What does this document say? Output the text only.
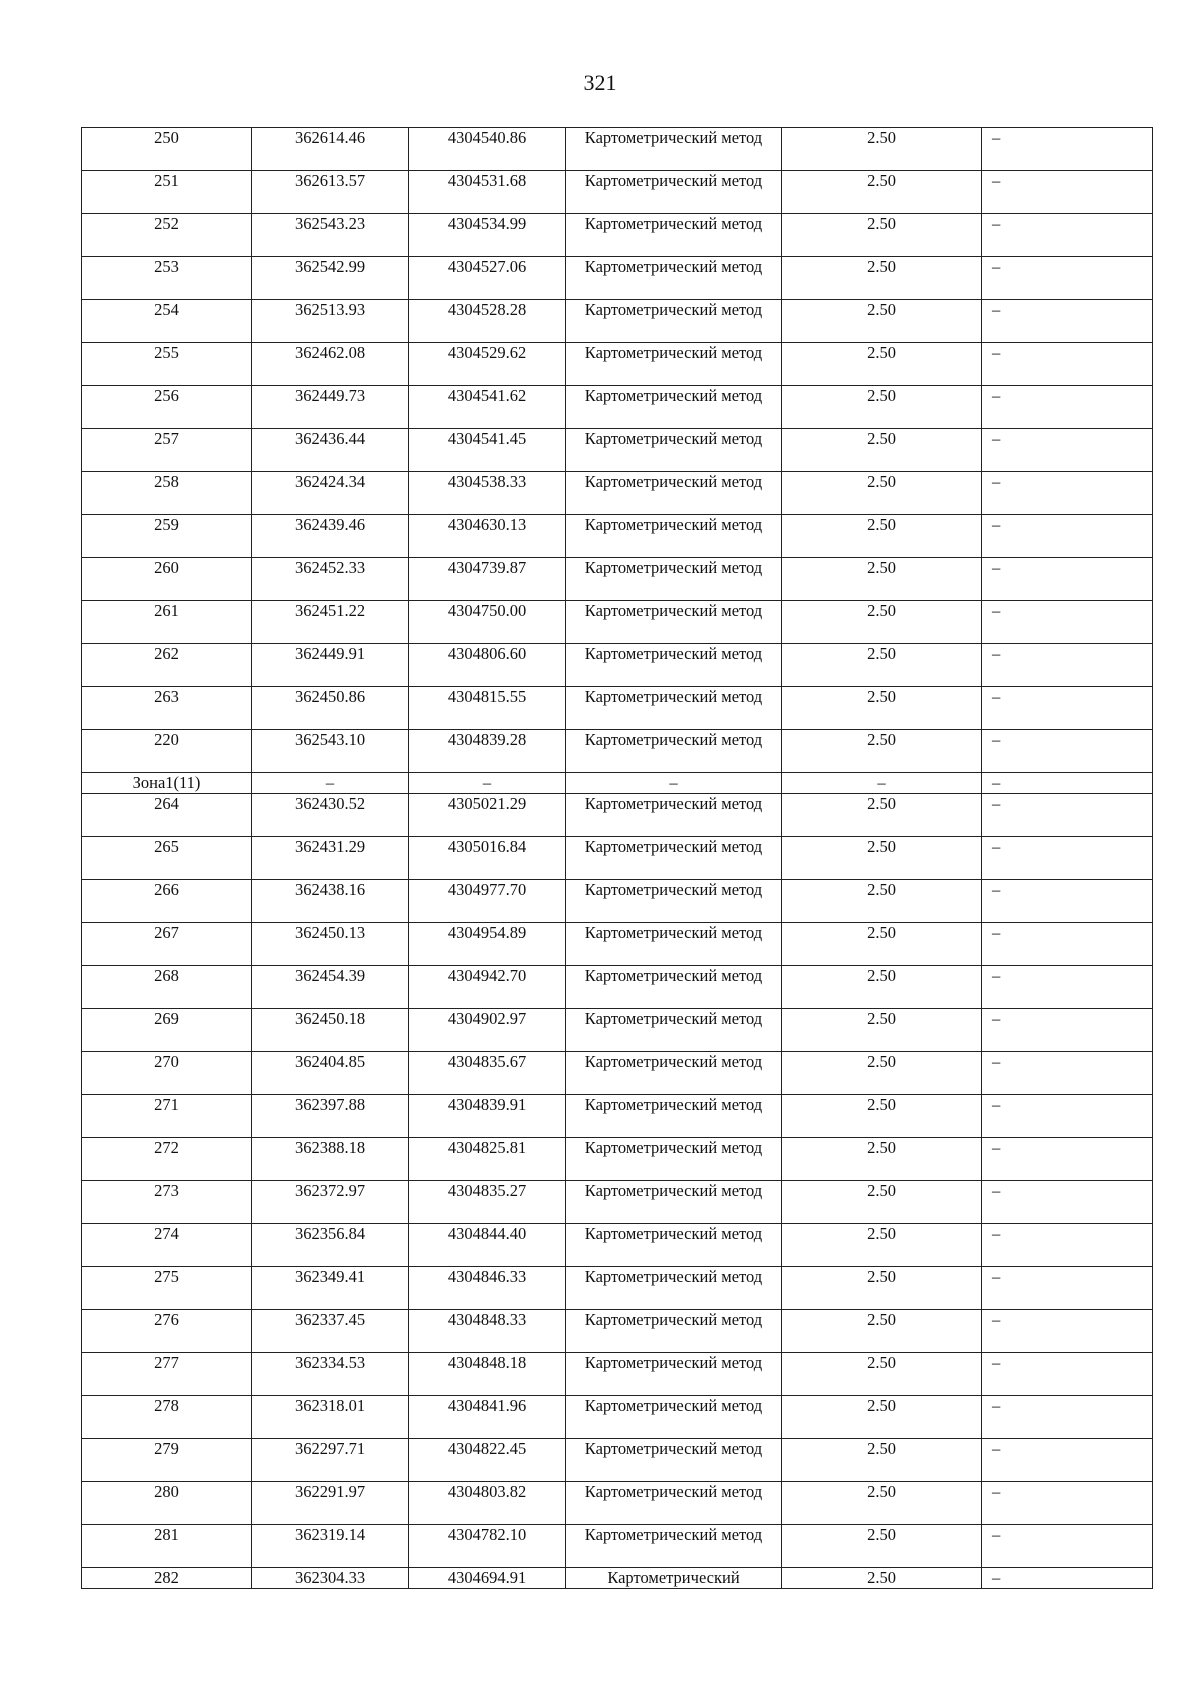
321
250	362614.46	4304540.86	Картометрический метод	2.50	–
251	362613.57	4304531.68	Картометрический метод	2.50	–
252	362543.23	4304534.99	Картометрический метод	2.50	–
253	362542.99	4304527.06	Картометрический метод	2.50	–
254	362513.93	4304528.28	Картометрический метод	2.50	–
255	362462.08	4304529.62	Картометрический метод	2.50	–
256	362449.73	4304541.62	Картометрический метод	2.50	–
257	362436.44	4304541.45	Картометрический метод	2.50	–
258	362424.34	4304538.33	Картометрический метод	2.50	–
259	362439.46	4304630.13	Картометрический метод	2.50	–
260	362452.33	4304739.87	Картометрический метод	2.50	–
261	362451.22	4304750.00	Картометрический метод	2.50	–
262	362449.91	4304806.60	Картометрический метод	2.50	–
263	362450.86	4304815.55	Картометрический метод	2.50	–
220	362543.10	4304839.28	Картометрический метод	2.50	–
Зона1(11)	–	–	–	–	–
264	362430.52	4305021.29	Картометрический метод	2.50	–
265	362431.29	4305016.84	Картометрический метод	2.50	–
266	362438.16	4304977.70	Картометрический метод	2.50	–
267	362450.13	4304954.89	Картометрический метод	2.50	–
268	362454.39	4304942.70	Картометрический метод	2.50	–
269	362450.18	4304902.97	Картометрический метод	2.50	–
270	362404.85	4304835.67	Картометрический метод	2.50	–
271	362397.88	4304839.91	Картометрический метод	2.50	–
272	362388.18	4304825.81	Картометрический метод	2.50	–
273	362372.97	4304835.27	Картометрический метод	2.50	–
274	362356.84	4304844.40	Картометрический метод	2.50	–
275	362349.41	4304846.33	Картометрический метод	2.50	–
276	362337.45	4304848.33	Картометрический метод	2.50	–
277	362334.53	4304848.18	Картометрический метод	2.50	–
278	362318.01	4304841.96	Картометрический метод	2.50	–
279	362297.71	4304822.45	Картометрический метод	2.50	–
280	362291.97	4304803.82	Картометрический метод	2.50	–
281	362319.14	4304782.10	Картометрический метод	2.50	–
282	362304.33	4304694.91	Картометрический	2.50	–
